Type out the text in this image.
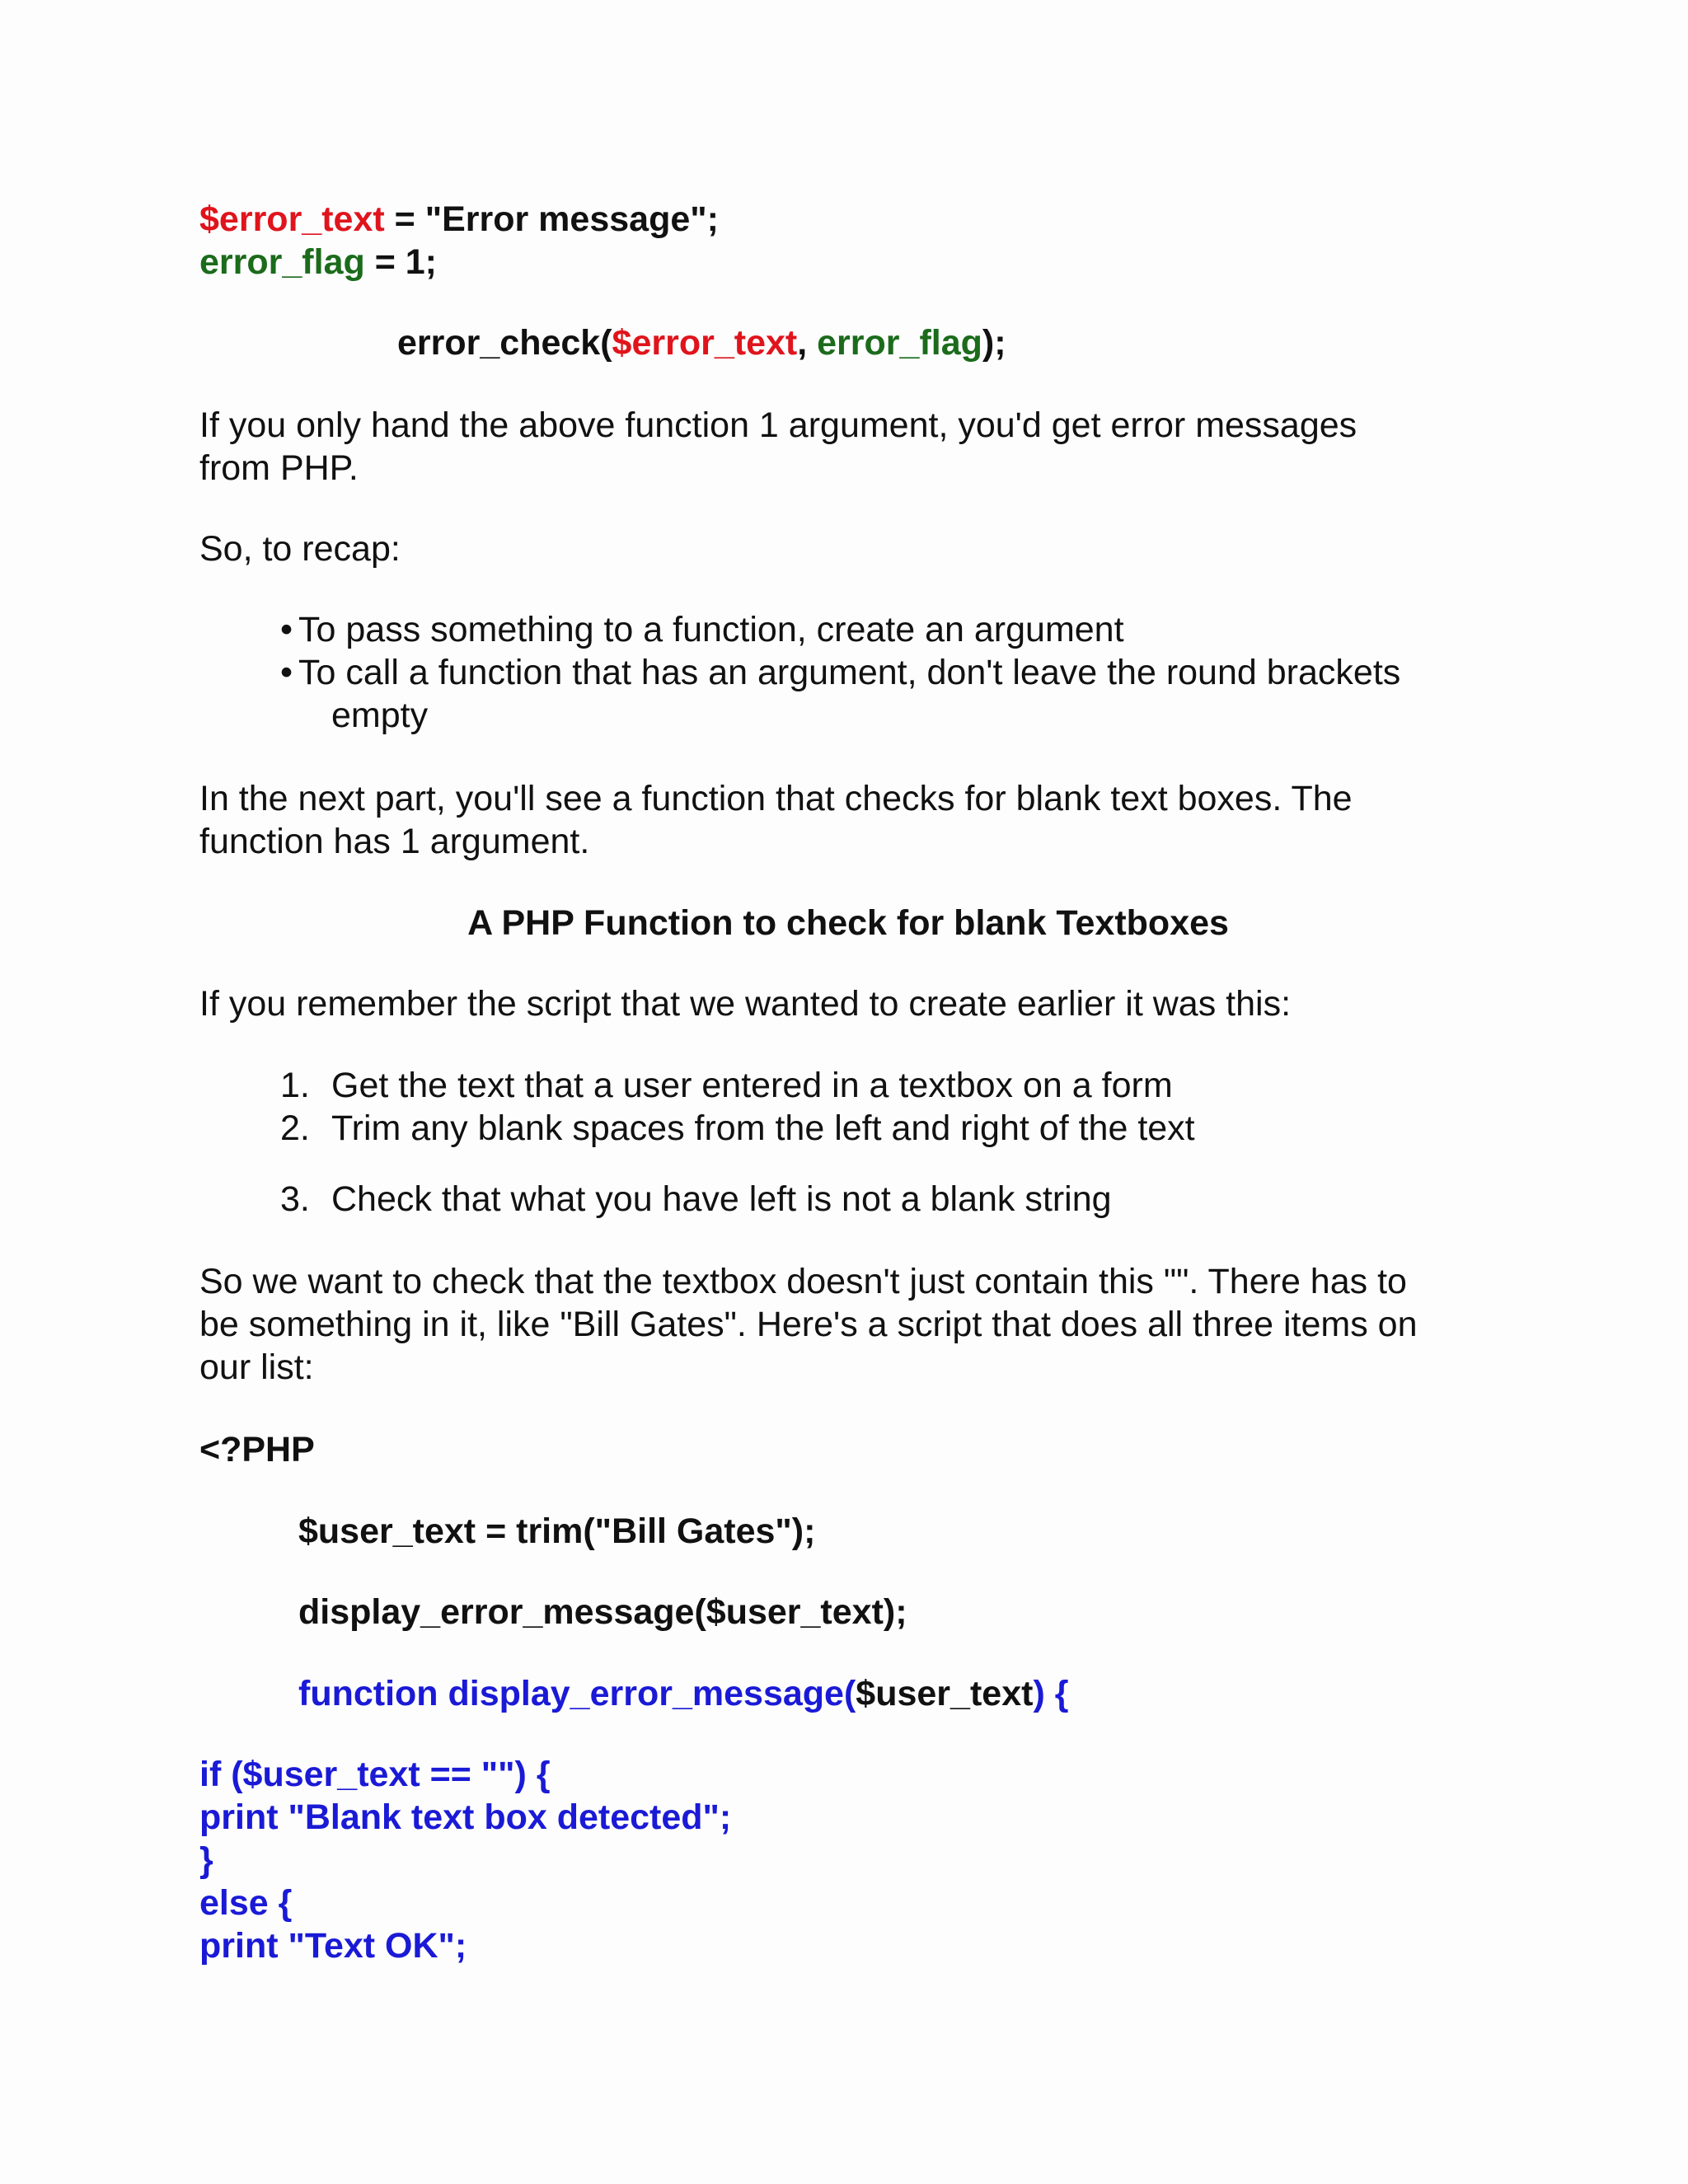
$error_text = "Error message";

error_flag = 1;

error_check($error_text, error_flag);

If you only hand the above function 1 argument, you'd get error messages

from PHP.

So, to recap:

• To pass something to a function, create an argument

• To call a function that has an argument, don't leave the round brackets

empty

In the next part, you'll see a function that checks for blank text boxes. The

function has 1 argument.

A PHP Function to check for blank Textboxes

If you remember the script that we wanted to create earlier it was this:

1. Get the text that a user entered in a textbox on a form

2. Trim any blank spaces from the left and right of the text

3. Check that what you have left is not a blank string

So we want to check that the textbox doesn't just contain this "". There has to

be something in it, like "Bill Gates". Here's a script that does all three items on

our list:

<?PHP

$user_text = trim("Bill Gates");

display_error_message($user_text);

function display_error_message($user_text) {

if ($user_text == "") {

print "Blank text box detected";

}

else {

print "Text OK";
